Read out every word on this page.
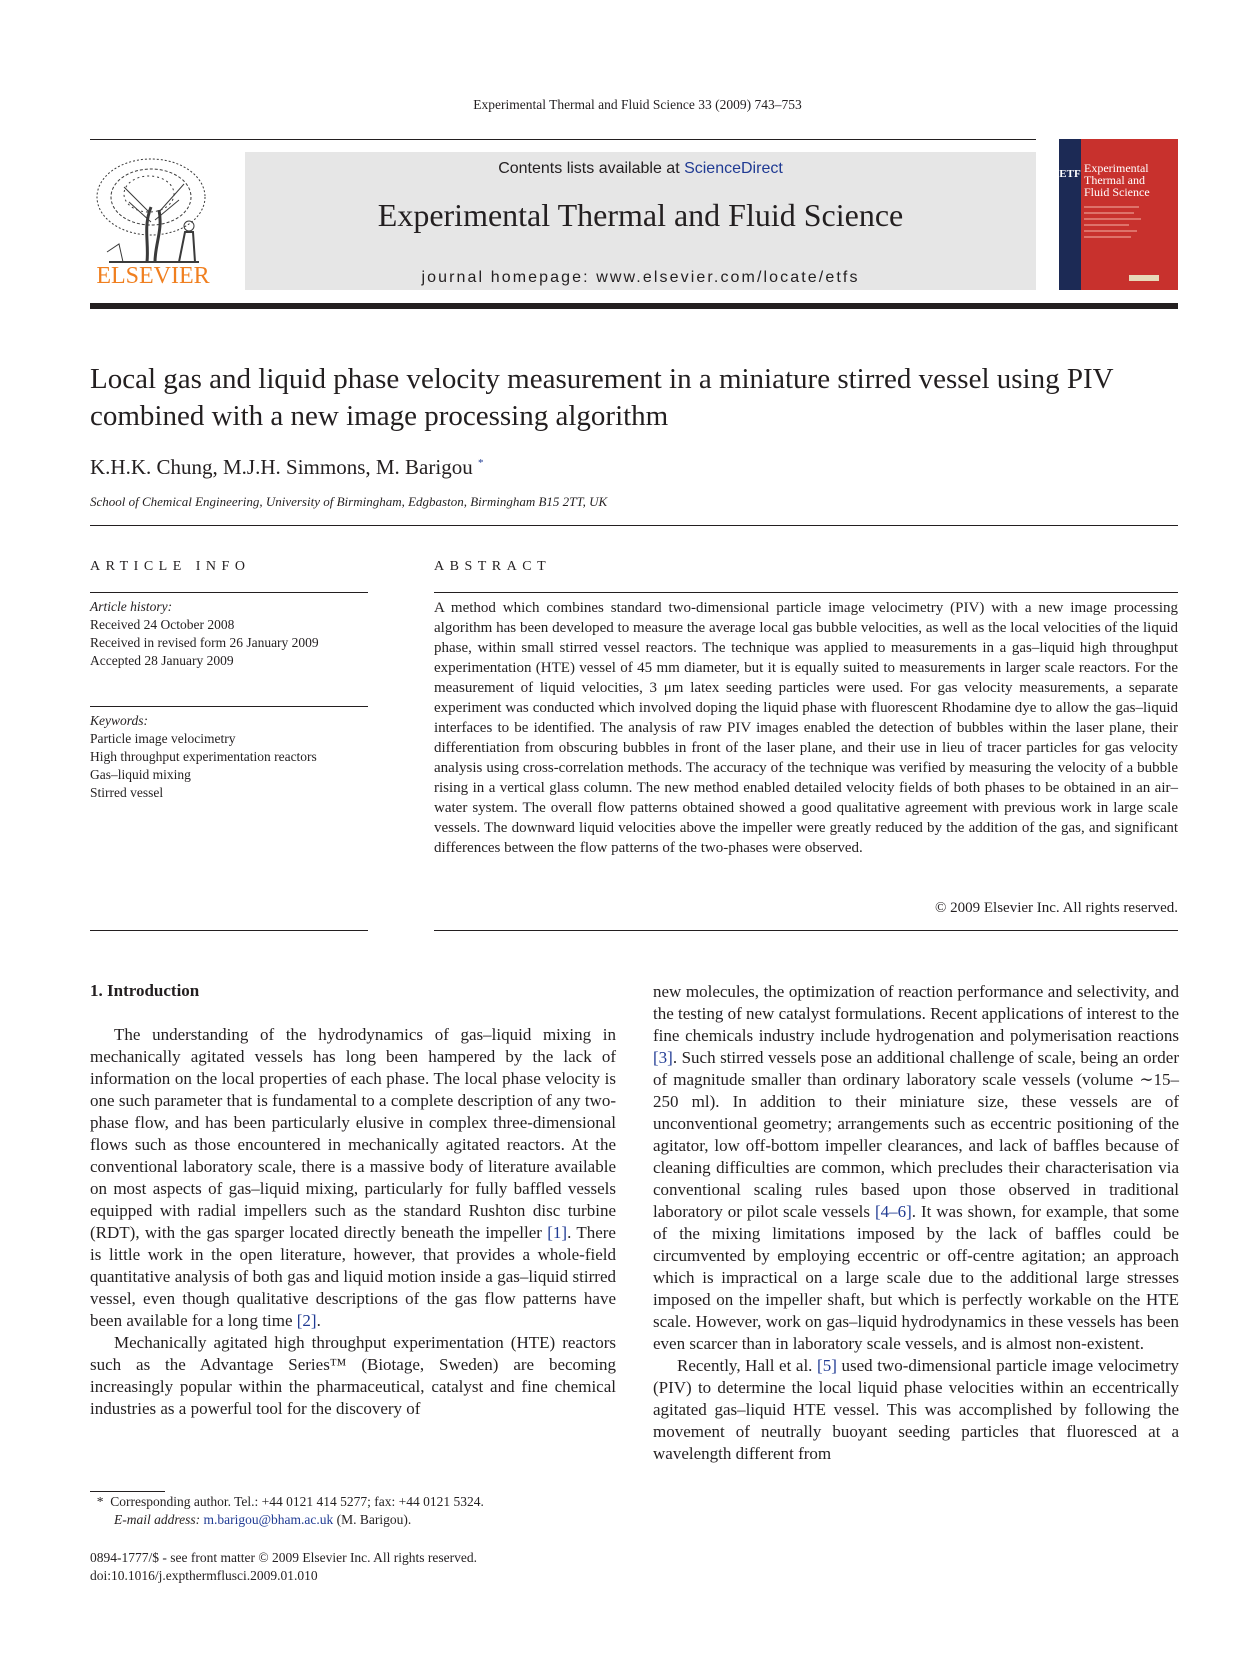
Experimental Thermal and Fluid Science 33 (2009) 743–753
ELSEVIER
Contents lists available at ScienceDirect
Experimental Thermal and Fluid Science
journal homepage: www.elsevier.com/locate/etfs
ETF Experimental
Thermal and
Fluid Science
Local gas and liquid phase velocity measurement in a miniature stirred vessel using PIV combined with a new image processing algorithm
K.H.K. Chung, M.J.H. Simmons, M. Barigou *
School of Chemical Engineering, University of Birmingham, Edgbaston, Birmingham B15 2TT, UK
ARTICLE INFO
Article history:
Received 24 October 2008
Received in revised form 26 January 2009
Accepted 28 January 2009
Keywords:
Particle image velocimetry
High throughput experimentation reactors
Gas–liquid mixing
Stirred vessel
ABSTRACT
A method which combines standard two-dimensional particle image velocimetry (PIV) with a new image processing algorithm has been developed to measure the average local gas bubble velocities, as well as the local velocities of the liquid phase, within small stirred vessel reactors. The technique was applied to measurements in a gas–liquid high throughput experimentation (HTE) vessel of 45 mm diameter, but it is equally suited to measurements in larger scale reactors. For the measurement of liquid velocities, 3 μm latex seeding particles were used. For gas velocity measurements, a separate experiment was conducted which involved doping the liquid phase with fluorescent Rhodamine dye to allow the gas–liquid interfaces to be identified. The analysis of raw PIV images enabled the detection of bubbles within the laser plane, their differentiation from obscuring bubbles in front of the laser plane, and their use in lieu of tracer particles for gas velocity analysis using cross-correlation methods. The accuracy of the technique was verified by measuring the velocity of a bubble rising in a vertical glass column. The new method enabled detailed velocity fields of both phases to be obtained in an air–water system. The overall flow patterns obtained showed a good qualitative agreement with previous work in large scale vessels. The downward liquid velocities above the impeller were greatly reduced by the addition of the gas, and significant differences between the flow patterns of the two-phases were observed.
© 2009 Elsevier Inc. All rights reserved.
1. Introduction

The understanding of the hydrodynamics of gas–liquid mixing in mechanically agitated vessels has long been hampered by the lack of information on the local properties of each phase. The local phase velocity is one such parameter that is fundamental to a complete description of any two-phase flow, and has been particularly elusive in complex three-dimensional flows such as those encountered in mechanically agitated reactors. At the conventional laboratory scale, there is a massive body of literature available on most aspects of gas–liquid mixing, particularly for fully baffled vessels equipped with radial impellers such as the standard Rushton disc turbine (RDT), with the gas sparger located directly beneath the impeller [1]. There is little work in the open literature, however, that provides a whole-field quantitative analysis of both gas and liquid motion inside a gas–liquid stirred vessel, even though qualitative descriptions of the gas flow patterns have been available for a long time [2].

Mechanically agitated high throughput experimentation (HTE) reactors such as the Advantage Series™ (Biotage, Sweden) are becoming increasingly popular within the pharmaceutical, catalyst and fine chemical industries as a powerful tool for the discovery of

new molecules, the optimization of reaction performance and selectivity, and the testing of new catalyst formulations. Recent applications of interest to the fine chemicals industry include hydrogenation and polymerisation reactions [3]. Such stirred vessels pose an additional challenge of scale, being an order of magnitude smaller than ordinary laboratory scale vessels (volume ∼15–250 ml). In addition to their miniature size, these vessels are of unconventional geometry; arrangements such as eccentric positioning of the agitator, low off-bottom impeller clearances, and lack of baffles because of cleaning difficulties are common, which precludes their characterisation via conventional scaling rules based upon those observed in traditional laboratory or pilot scale vessels [4–6]. It was shown, for example, that some of the mixing limitations imposed by the lack of baffles could be circumvented by employing eccentric or off-centre agitation; an approach which is impractical on a large scale due to the additional large stresses imposed on the impeller shaft, but which is perfectly workable on the HTE scale. However, work on gas–liquid hydrodynamics in these vessels has been even scarcer than in laboratory scale vessels, and is almost non-existent.

Recently, Hall et al. [5] used two-dimensional particle image velocimetry (PIV) to determine the local liquid phase velocities within an eccentrically agitated gas–liquid HTE vessel. This was accomplished by following the movement of neutrally buoyant seeding particles that fluoresced at a wavelength different from

* Corresponding author. Tel.: +44 0121 414 5277; fax: +44 0121 5324.
E-mail address: m.barigou@bham.ac.uk (M. Barigou).
0894-1777/$ - see front matter © 2009 Elsevier Inc. All rights reserved.
doi:10.1016/j.expthermflusci.2009.01.010
